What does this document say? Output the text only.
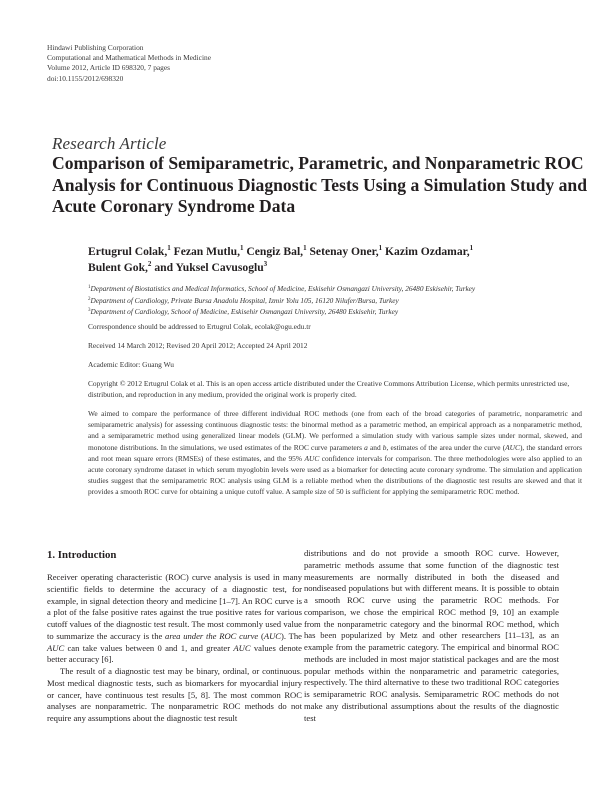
Hindawi Publishing Corporation
Computational and Mathematical Methods in Medicine
Volume 2012, Article ID 698320, 7 pages
doi:10.1155/2012/698320
Research Article
Comparison of Semiparametric, Parametric, and Nonparametric ROC Analysis for Continuous Diagnostic Tests Using a Simulation Study and Acute Coronary Syndrome Data
Ertugrul Colak,$^1$ Fezan Mutlu,$^1$ Cengiz Bal,$^1$ Setenay Oner,$^1$ Kazim Ozdamar,$^1$
Bulent Gok,$^2$ and Yuksel Cavusoglu$^3$
$^1$Department of Biostatistics and Medical Informatics, School of Medicine, Eskisehir Osmangazi University, 26480 Eskisehir, Turkey
$^2$Department of Cardiology, Private Bursa Anadolu Hospital, Izmir Yolu 105, 16120 Nilufer/Bursa, Turkey
$^3$Department of Cardiology, School of Medicine, Eskisehir Osmangazi University, 26480 Eskisehir, Turkey
Correspondence should be addressed to Ertugrul Colak, ecolak@ogu.edu.tr
Received 14 March 2012; Revised 20 April 2012; Accepted 24 April 2012
Academic Editor: Guang Wu
Copyright © 2012 Ertugrul Colak et al. This is an open access article distributed under the Creative Commons Attribution License, which permits unrestricted use, distribution, and reproduction in any medium, provided the original work is properly cited.
We aimed to compare the performance of three different individual ROC methods (one from each of the broad categories of parametric, nonparametric and semiparametric analysis) for assessing continuous diagnostic tests: the binormal method as a parametric method, an empirical approach as a nonparametric method, and a semiparametric method using generalized linear models (GLM). We performed a simulation study with various sample sizes under normal, skewed, and monotone distributions. In the simulations, we used estimates of the ROC curve parameters a and b, estimates of the area under the curve (AUC), the standard errors and root mean square errors (RMSEs) of these estimates, and the 95% AUC confidence intervals for comparison. The three methodologies were also applied to an acute coronary syndrome dataset in which serum myoglobin levels were used as a biomarker for detecting acute coronary syndrome. The simulation and application studies suggest that the semiparametric ROC analysis using GLM is a reliable method when the distributions of the diagnostic test results are skewed and that it provides a smooth ROC curve for obtaining a unique cutoff value. A sample size of 50 is sufficient for applying the semiparametric ROC method.
1. Introduction

Receiver operating characteristic (ROC) curve analysis is used in many scientific fields to determine the accuracy of a diagnostic test, for example, in signal detection theory and medicine [1–7]. An ROC curve is a plot of the false positive rates against the true positive rates for various cutoff values of the diagnostic test result. The most commonly used value to summarize the accuracy is the area under the ROC curve (AUC). The AUC can take values between 0 and 1, and greater AUC values denote better accuracy [6].

The result of a diagnostic test may be binary, ordinal, or continuous. Most medical diagnostic tests, such as biomarkers for myocardial injury or cancer, have continuous test results [5, 8]. The most common ROC analyses are nonparametric. The nonparametric ROC methods do not require any assumptions about the diagnostic test result

distributions and do not provide a smooth ROC curve. However, parametric methods assume that some function of the diagnostic test measurements are normally distributed in both the diseased and nondiseased populations but with different means. It is possible to obtain a smooth ROC curve using the parametric ROC methods. For comparison, we chose the empirical ROC method [9, 10] an example from the nonparametric category and the binormal ROC method, which has been popularized by Metz and other researchers [11–13], as an example from the parametric category. The empirical and binormal ROC methods are included in most major statistical packages and are the most popular methods within the nonparametric and parametric categories, respectively. The third alternative to these two traditional ROC categories is semiparametric ROC analysis. Semiparametric ROC methods do not make any distributional assumptions about the results of the diagnostic test
